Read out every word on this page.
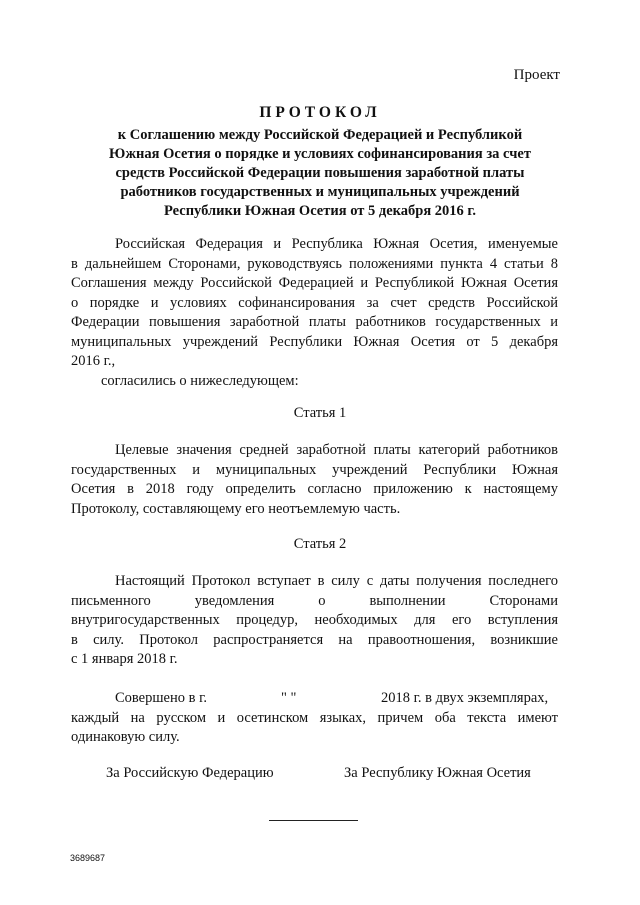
Проект
ПРОТОКОЛ
к Соглашению между Российской Федерацией и Республикой
Южная Осетия о порядке и условиях софинансирования за счет
средств Российской Федерации повышения заработной платы
работников государственных и муниципальных учреждений
Республики Южная Осетия от 5 декабря 2016 г.
Российская Федерация и Республика Южная Осетия, именуемые
в дальнейшем Сторонами, руководствуясь положениями пункта 4 статьи 8
Соглашения между Российской Федерацией и Республикой Южная Осетия
о порядке и условиях софинансирования за счет средств Российской
Федерации повышения заработной платы работников государственных и
муниципальных учреждений Республики Южная Осетия от 5 декабря
2016 г.,
согласились о нижеследующем:
Статья 1
Целевые значения средней заработной платы категорий работников
государственных и муниципальных учреждений Республики Южная
Осетия в 2018 году определить согласно приложению к настоящему
Протоколу, составляющему его неотъемлемую часть.
Статья 2
Настоящий Протокол вступает в силу с даты получения последнего
письменного уведомления о выполнении Сторонами
внутригосударственных процедур, необходимых для его вступления
в силу. Протокол распространяется на правоотношения, возникшие
с 1 января 2018 г.
Совершено в г.	" "	2018 г. в двух экземплярах,
каждый на русском и осетинском языках, причем оба текста имеют
одинаковую силу.
За Российскую Федерацию	За Республику Южная Осетия
3689687
